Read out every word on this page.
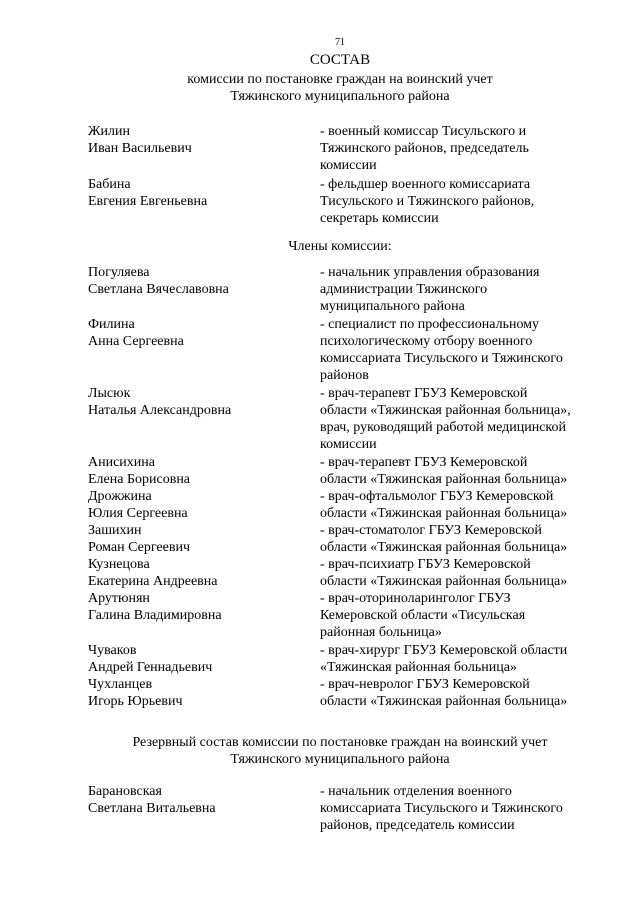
71
СОСТАВ
комиссии по постановке граждан на воинский учет
Тяжинского муниципального района
Жилин
Иван Васильевич
- военный комиссар Тисульского и
Тяжинского районов, председатель
комиссии
Бабина
Евгения Евгеньевна
- фельдшер военного комиссариата
Тисульского и Тяжинского районов,
секретарь комиссии
Члены комиссии:
Погуляева
Светлана Вячеславовна
- начальник управления образования
администрации Тяжинского
муниципального района
Филина
Анна Сергеевна
- специалист по профессиональному
психологическому отбору военного
комиссариата Тисульского и Тяжинского
районов
Лысюк
Наталья Александровна
- врач-терапевт ГБУЗ Кемеровской
области «Тяжинская районная больница»,
врач, руководящий работой медицинской
комиссии
Анисихина
Елена Борисовна
- врач-терапевт ГБУЗ Кемеровской
области «Тяжинская районная больница»
Дрожжина
Юлия Сергеевна
- врач-офтальмолог ГБУЗ Кемеровской
области «Тяжинская районная больница»
Зашихин
Роман Сергеевич
- врач-стоматолог ГБУЗ Кемеровской
области «Тяжинская районная больница»
Кузнецова
Екатерина Андреевна
- врач-психиатр ГБУЗ Кемеровской
области «Тяжинская районная больница»
Арутюнян
Галина Владимировна
- врач-оториноларинголог ГБУЗ
Кемеровской области «Тисульская
районная больница»
Чуваков
Андрей Геннадьевич
- врач-хирург ГБУЗ Кемеровской области
«Тяжинская районная больница»
Чухланцев
Игорь Юрьевич
- врач-невролог ГБУЗ Кемеровской
области «Тяжинская районная больница»
Резервный состав комиссии по постановке граждан на воинский учет
Тяжинского муниципального района
Барановская
Светлана Витальевна
- начальник отделения военного
комиссариата Тисульского и Тяжинского
районов, председатель комиссии
